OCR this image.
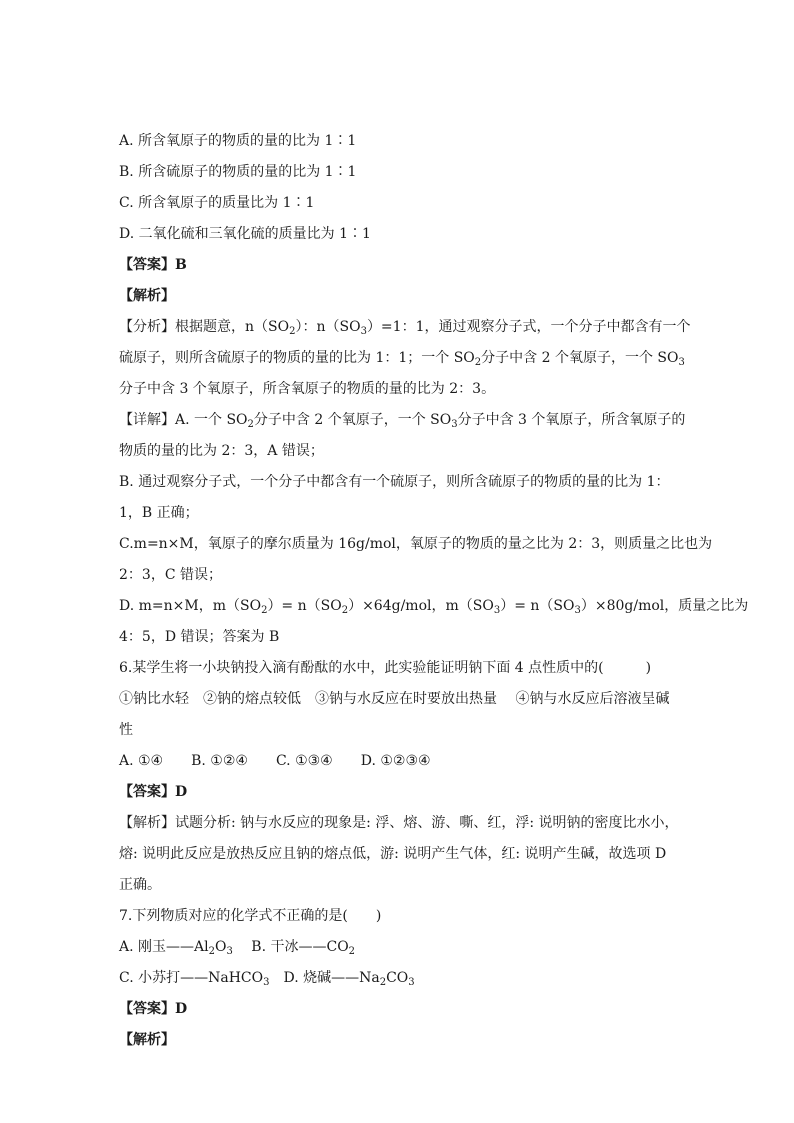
A. 所含氧原子的物质的量的比为 1∶1
B. 所含硫原子的物质的量的比为 1∶1
C. 所含氧原子的质量比为 1∶1
D. 二氧化硫和三氧化硫的质量比为 1∶1
【答案】B
【解析】
【分析】根据题意，$n(SO_2)$：$n(SO_3)=1$：1，通过观察分子式，一个分子中都含有一个
硫原子，则所含硫原子的物质的量的比为 1：1；一个 $SO_2$分子中含 2 个氧原子，一个 $SO_3$
分子中含 3 个氧原子，所含氧原子的物质的量的比为 2：3。
【详解】A. 一个 $SO_2$分子中含 2 个氧原子，一个 $SO_3$分子中含 3 个氧原子，所含氧原子的
物质的量的比为 2：3，A 错误；
B. 通过观察分子式，一个分子中都含有一个硫原子，则所含硫原子的物质的量的比为 1：
1，B 正确；
C.m=n×M，氧原子的摩尔质量为 16g/mol，氧原子的物质的量之比为 2：3，则质量之比也为
2：3，C 错误；
D. m=n×M，$m(SO_2)= n(SO_2)\times 64g/mol$，$m(SO_3)= n(SO_3)\times 80g/mol$，质量之比为
4：5，D 错误；答案为 B
6.某学生将一小块钠投入滴有酚酞的水中，此实验能证明钠下面 4 点性质中的(　　　)
①钠比水轻　②钠的熔点较低　③钠与水反应在时要放出热量　 ④钠与水反应后溶液呈碱
性
A. ①④　　B. ①②④　　C. ①③④　　D. ①②③④
【答案】D
【解析】试题分析: 钠与水反应的现象是: 浮、熔、游、嘶、红，浮: 说明钠的密度比水小，
熔: 说明此反应是放热反应且钠的熔点低，游: 说明产生气体，红: 说明产生碱，故选项 D
正确。
7.下列物质对应的化学式不正确的是(　　)
A. 刚玉$——Al_2O_3$　 B. 干冰$——CO_2$
C. 小苏打——NaHCO$_3$　D. 烧碱$——Na_2CO_3$
【答案】D
【解析】
